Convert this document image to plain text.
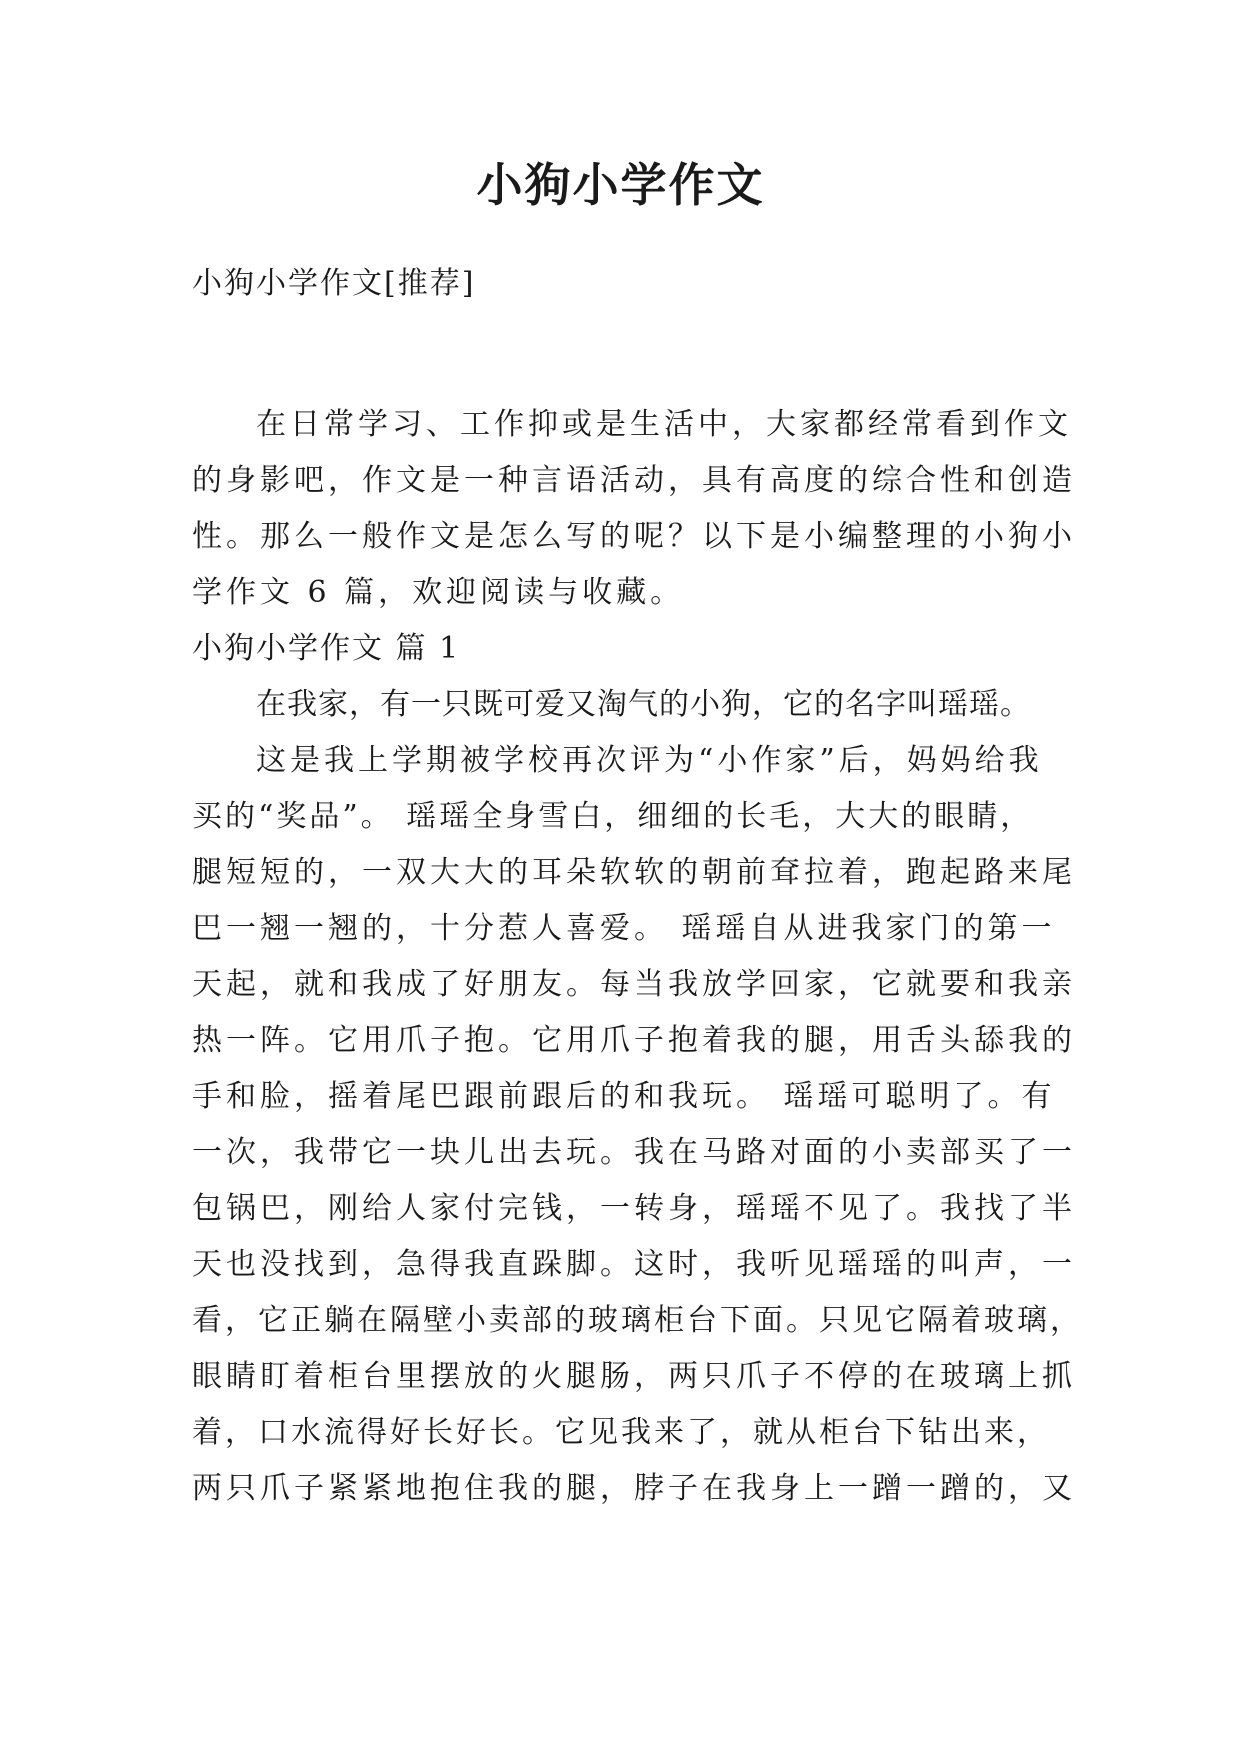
小狗小学作文
小狗小学作文[推荐]
在日常学习、工作抑或是生活中，大家都经常看到作文
的身影吧，作文是一种言语活动，具有高度的综合性和创造
性。那么一般作文是怎么写的呢？以下是小编整理的小狗小
学作文 6 篇，欢迎阅读与收藏。
小狗小学作文 篇 1
在我家，有一只既可爱又淘气的小狗，它的名字叫瑶瑶。
这是我上学期被学校再次评为“小作家”后，妈妈给我
买的“奖品”。 瑶瑶全身雪白，细细的长毛，大大的眼睛，
腿短短的，一双大大的耳朵软软的朝前耷拉着，跑起路来尾
巴一翘一翘的，十分惹人喜爱。 瑶瑶自从进我家门的第一
天起，就和我成了好朋友。每当我放学回家，它就要和我亲
热一阵。它用爪子抱。它用爪子抱着我的腿，用舌头舔我的
手和脸，摇着尾巴跟前跟后的和我玩。 瑶瑶可聪明了。有
一次，我带它一块儿出去玩。我在马路对面的小卖部买了一
包锅巴，刚给人家付完钱，一转身，瑶瑶不见了。我找了半
天也没找到，急得我直跺脚。这时，我听见瑶瑶的叫声，一
看，它正躺在隔壁小卖部的玻璃柜台下面。只见它隔着玻璃，
眼睛盯着柜台里摆放的火腿肠，两只爪子不停的在玻璃上抓
着，口水流得好长好长。它见我来了，就从柜台下钻出来，
两只爪子紧紧地抱住我的腿，脖子在我身上一蹭一蹭的，又
